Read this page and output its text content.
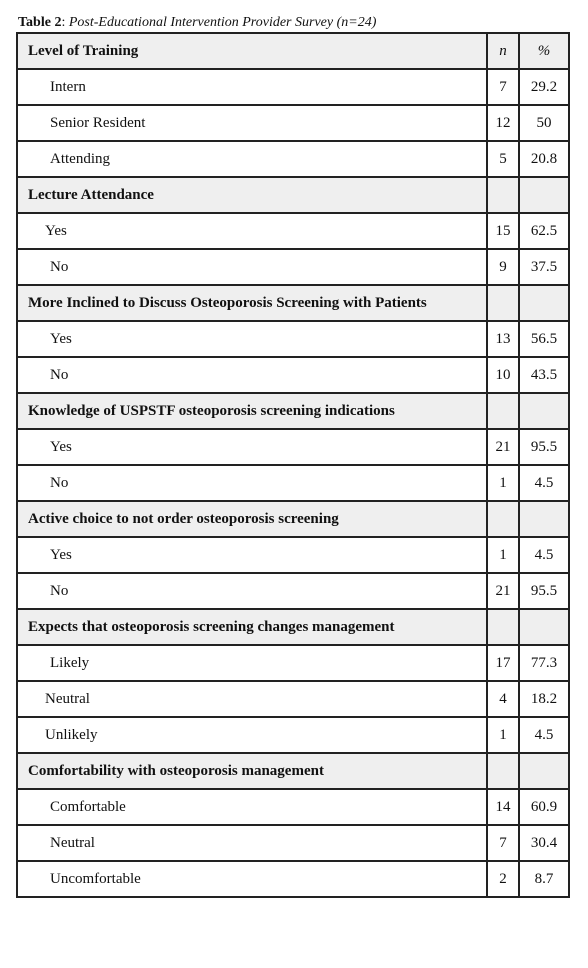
Table 2: Post-Educational Intervention Provider Survey (n=24)
Level of Training	n	%
Intern	7	29.2
Senior Resident	12	50
Attending	5	20.8
Lecture Attendance		
Yes	15	62.5
No	9	37.5
More Inclined to Discuss Osteoporosis Screening with Patients		
Yes	13	56.5
No	10	43.5
Knowledge of USPSTF osteoporosis screening indications		
Yes	21	95.5
No	1	4.5
Active choice to not order osteoporosis screening		
Yes	1	4.5
No	21	95.5
Expects that osteoporosis screening changes management		
Likely	17	77.3
Neutral	4	18.2
Unlikely	1	4.5
Comfortability with osteoporosis management		
Comfortable	14	60.9
Neutral	7	30.4
Uncomfortable	2	8.7
